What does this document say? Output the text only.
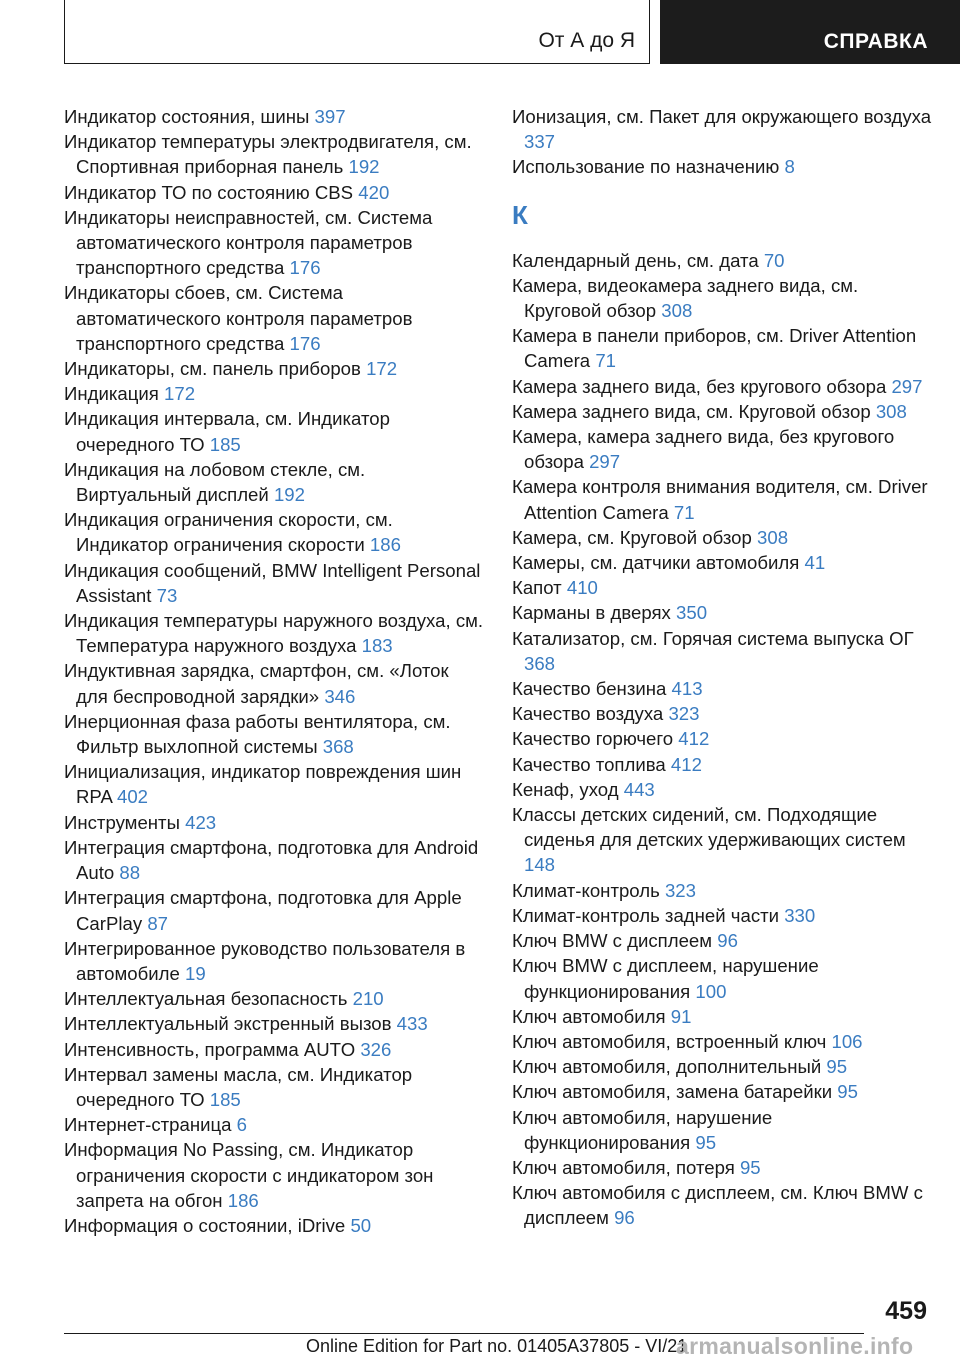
От А до Я	СПРАВКА
Индикатор состояния, шины 397
Индикатор температуры электродвигателя, см. Спортивная приборная панель 192
Индикатор ТО по состоянию CBS 420
Индикаторы неисправностей, см. Система автоматического контроля параметров транспортного средства 176
Индикаторы сбоев, см. Система автоматического контроля параметров транспортного средства 176
Индикаторы, см. панель приборов 172
Индикация 172
Индикация интервала, см. Индикатор очередного ТО 185
Индикация на лобовом стекле, см. Виртуальный дисплей 192
Индикация ограничения скорости, см. Индикатор ограничения скорости 186
Индикация сообщений, BMW Intelligent Personal Assistant 73
Индикация температуры наружного воздуха, см. Температура наружного воздуха 183
Индуктивная зарядка, смартфон, см. «Лоток для беспроводной зарядки» 346
Инерционная фаза работы вентилятора, см. Фильтр выхлопной системы 368
Инициализация, индикатор повреждения шин RPA 402
Инструменты 423
Интеграция смартфона, подготовка для Android Auto 88
Интеграция смартфона, подготовка для Apple CarPlay 87
Интегрированное руководство пользователя в автомобиле 19
Интеллектуальная безопасность 210
Интеллектуальный экстренный вызов 433
Интенсивность, программа AUTO 326
Интервал замены масла, см. Индикатор очередного ТО 185
Интернет-страница 6
Информация No Passing, см. Индикатор ограничения скорости с индикатором зон запрета на обгон 186
Информация о состоянии, iDrive 50
Ионизация, см. Пакет для окружающего воздуха 337
Использование по назначению 8
К
Календарный день, см. дата 70
Камера, видеокамера заднего вида, см. Круговой обзор 308
Камера в панели приборов, см. Driver Attention Camera 71
Камера заднего вида, без кругового обзора 297
Камера заднего вида, см. Круговой обзор 308
Камера, камера заднего вида, без кругового обзора 297
Камера контроля внимания водителя, см. Driver Attention Camera 71
Камера, см. Круговой обзор 308
Камеры, см. датчики автомобиля 41
Капот 410
Карманы в дверях 350
Катализатор, см. Горячая система выпуска ОГ 368
Качество бензина 413
Качество воздуха 323
Качество горючего 412
Качество топлива 412
Кенаф, уход 443
Классы детских сидений, см. Подходящие сиденья для детских удерживающих систем 148
Климат-контроль 323
Климат-контроль задней части 330
Ключ BMW с дисплеем 96
Ключ BMW с дисплеем, нарушение функционирования 100
Ключ автомобиля 91
Ключ автомобиля, встроенный ключ 106
Ключ автомобиля, дополнительный 95
Ключ автомобиля, замена батарейки 95
Ключ автомобиля, нарушение функционирования 95
Ключ автомобиля, потеря 95
Ключ автомобиля с дисплеем, см. Ключ BMW с дисплеем 96
459
Online Edition for Part no. 01405A37805 - VI/21
armanualsonline.info
